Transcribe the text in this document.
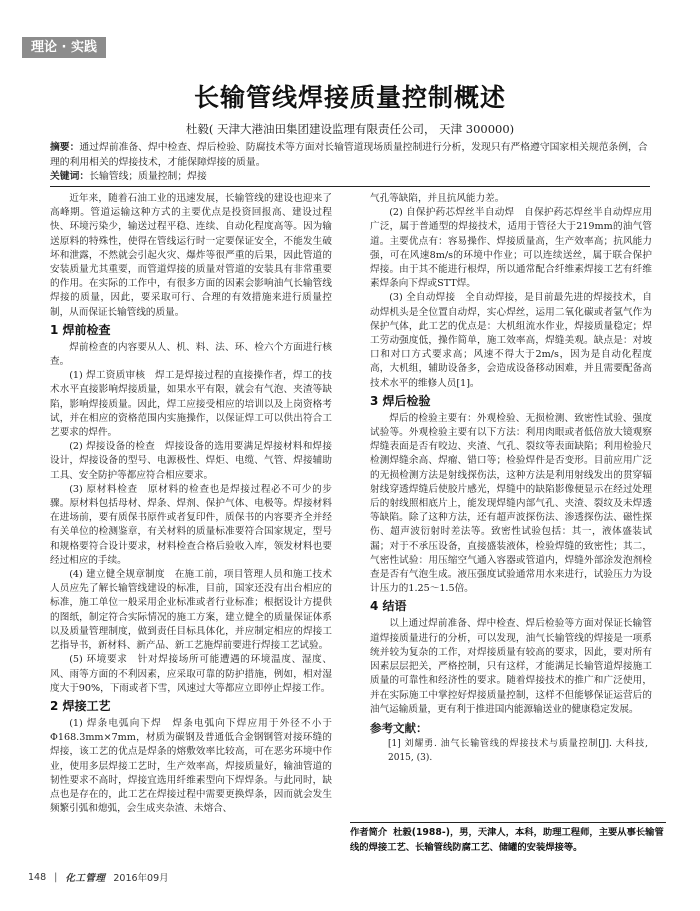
理论 · 实践
长输管线焊接质量控制概述
杜毅( 天津大港油田集团建设监理有限责任公司， 天津 300000)
摘要：通过焊前准备、焊中检查、焊后检验、防腐技术等方面对长输管道现场质量控制进行分析，发现只有严格遵守国家相关规范条例，合理的利用相关的焊接技术，才能保障焊接的质量。
关键词：长输管线；质量控制；焊接

近年来，随着石油工业的迅速发展，长输管线的建设也迎来了高峰期。管道运输这种方式的主要优点是投资回报高、建设过程快、环境污染少，输送过程平稳、连续、自动化程度高等。因为输送原料的特殊性，使得在管线运行时一定要保证安全，不能发生破坏和泄露，不然就会引起火灾、爆炸等很严重的后果，因此管道的安装质量尤其重要，而管道焊接的质量对管道的安装具有非常重要的作用。在实际的工作中，有很多方面的因素会影响油气长输管线焊接的质量，因此，要采取可行、合理的有效措施来进行质量控制，从而保证长输管线的质量。

1 焊前检查

焊前检查的内容要从人、机、料、法、环、检六个方面进行核查。

(1) 焊工资质审核　焊工是焊接过程的直接操作者，焊工的技术水平直接影响焊接质量，如果水平有限，就会有气泡、夹渣等缺陷，影响焊接质量。因此，焊工应接受相应的培训以及上岗资格考试，并在相应的资格范围内实施操作，以保证焊工可以供出符合工艺要求的焊件。

(2) 焊接设备的检查　焊接设备的选用要满足焊接材料和焊接设计，焊接设备的型号、电源极性、焊炬、电缆、气管、焊接辅助工具、安全防护等都应符合相应要求。

(3) 原材料检查　原材料的检查也是焊接过程必不可少的步骤。原材料包括母材、焊条、焊剂、保护气体、电极等。焊接材料在进场前，要有质保书原件或者复印件，质保书的内容要齐全并经有关单位的检测鉴章，有关材料的质量标准要符合国家规定，型号和规格要符合设计要求，材料检查合格后验收入库，领发材料也要经过相应的手续。

(4) 建立健全规章制度　在施工前，项目管理人员和施工技术人员应先了解长输管线建设的标准，目前，国家还没有出台相应的标准，施工单位一般采用企业标准或者行业标准；根据设计方提供的图纸，制定符合实际情况的施工方案，建立健全的质量保证体系以及质量管理制度，做到责任目标具体化，并应制定相应的焊接工艺指导书，新材料、新产品、新工艺施焊前要进行焊接工艺试验。

(5) 环境要求　针对焊接场所可能遭遇的环境温度、湿度、风、雨等方面的不利因素，应采取可靠的防护措施，例如，相对湿度大于90%，下雨或者下雪，风速过大等都应立即停止焊接工作。

2 焊接工艺

(1) 焊条电弧向下焊　焊条电弧向下焊应用于外径不小于Φ168.3mm×7mm，材质为碳钢及普通低合金钢钢管对接环缝的焊接，该工艺的优点是焊条的熔敷效率比较高，可在恶劣环境中作业，使用多层焊接工艺时，生产效率高，焊接质量好，输油管道的韧性要求不高时，焊接宜选用纤维素型向下焊焊条。与此同时，缺点也是存在的，此工艺在焊接过程中需要更换焊条，因而就会发生频繁引弧和熄弧，会生成夹杂渣、未熔合、

气孔等缺陷，并且抗风能力差。

(2) 自保护药芯焊丝半自动焊　自保护药芯焊丝半自动焊应用广泛，属于普通型的焊接技术，适用于管径大于219mm的油气管道。主要优点有：容易操作、焊接质量高，生产效率高；抗风能力强，可在风速8m/s的环境中作业；可以连续送丝，属于联合保护焊接。由于其不能进行根焊，所以通常配合纤维素焊接工艺有纤维素焊条向下焊或STT焊。

(3) 全自动焊接　全自动焊接，是目前最先进的焊接技术，自动焊机头是全位置自动焊，实心焊丝，运用二氧化碳或者氩气作为保护气体，此工艺的优点是：大机组流水作业，焊接质量稳定；焊工劳动强度低，操作简单，施工效率高，焊缝美观。缺点是：对坡口和对口方式要求高；风速不得大于2m/s，因为是自动化程度高，大机组，辅助设备多，会造成设备移动困难，并且需要配备高技术水平的维修人员[1]。

3 焊后检验

焊后的检验主要有：外观检验、无损检测、致密性试验、强度试验等。外观检验主要有以下方法：利用肉眼或者低倍放大镜观察焊缝表面是否有咬边、夹渣、气孔、裂纹等表面缺陷；利用检验尺检测焊缝余高、焊瘤、错口等；检验焊件是否变形。目前应用广泛的无损检测方法是射线探伤法，这种方法是利用射线发出的贯穿辐射线穿透焊缝后使胶片感光，焊缝中的缺陷影像便显示在经过处理后的射线照相底片上，能发现焊缝内部气孔、夹渣、裂纹及未焊透等缺陷。除了这种方法，还有超声波探伤法、渗透探伤法、磁性探伤、超声波衍射时差法等。致密性试验包括：其一，液体盛装试漏；对于不承压设备，直接盛装液体，检验焊缝的致密性；其二，气密性试验：用压缩空气通入容器或管道内，焊缝外部涂发泡剂检查是否有气泡生成。液压强度试验通常用水来进行，试验压力为设计压力的1.25～1.5倍。

4 结语

以上通过焊前准备、焊中检查、焊后检验等方面对保证长输管道焊接质量进行的分析，可以发现，油气长输管线的焊接是一项系统并较为复杂的工作，对焊接质量有较高的要求，因此，要对所有因素层层把关，严格控制，只有这样，才能满足长输管道焊接施工质量的可靠性和经济性的要求。随着焊接技术的推广和广泛使用，并在实际施工中掌控好焊接质量控制，这样不但能够保证运营后的油气运输质量，更有利于推进国内能源输送业的健康稳定发展。

参考文献：

[1] 刘耀勇. 油气长输管线的焊接技术与质量控制[J]. 大科技, 2015, (3).

作者简介 杜毅(1988-)，男，天津人，本科，助理工程师，主要从事长输管线的焊接工艺、长输管线防腐工艺、储罐的安装焊接等。
148 | 化工管理 2016年09月
